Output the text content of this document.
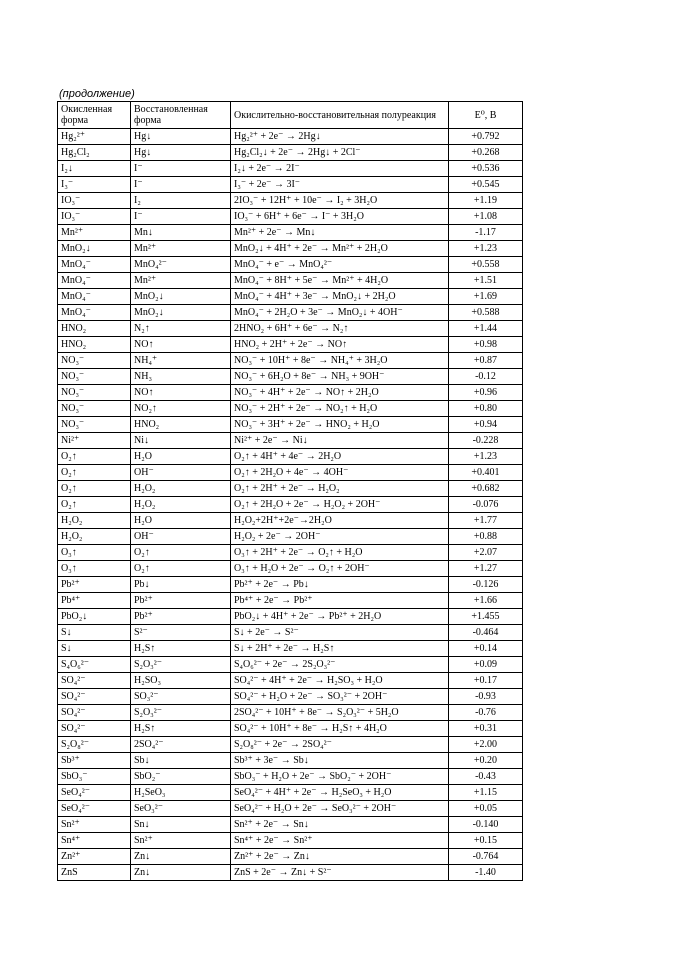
(продолжение)
Окисленная форма	Восстановленная форма	Окислительно-восстановительная полуреакция	E⁰, В
Hg₂²⁺	Hg↓	Hg₂²⁺ + 2e⁻ → 2Hg↓	+0.792
Hg₂Cl₂	Hg↓	Hg₂Cl₂↓ + 2e⁻ → 2Hg↓ + 2Cl⁻	+0.268
I₂↓	I⁻	I₂↓ + 2e⁻ → 2I⁻	+0.536
I₃⁻	I⁻	I₃⁻ + 2e⁻ → 3I⁻	+0.545
IO₃⁻	I₂	2IO₃⁻ + 12H⁺ + 10e⁻ → I₂ + 3H₂O	+1.19
IO₃⁻	I⁻	IO₃⁻ + 6H⁺ + 6e⁻ → I⁻ + 3H₂O	+1.08
Mn²⁺	Mn↓	Mn²⁺ + 2e⁻ → Mn↓	-1.17
MnO₂↓	Mn²⁺	MnO₂↓ + 4H⁺ + 2e⁻ → Mn²⁺ + 2H₂O	+1.23
MnO₄⁻	MnO₄²⁻	MnO₄⁻ + e⁻ → MnO₄²⁻	+0.558
MnO₄⁻	Mn²⁺	MnO₄⁻ + 8H⁺ + 5e⁻ → Mn²⁺ + 4H₂O	+1.51
MnO₄⁻	MnO₂↓	MnO₄⁻ + 4H⁺ + 3e⁻ → MnO₂↓ + 2H₂O	+1.69
MnO₄⁻	MnO₂↓	MnO₄⁻ + 2H₂O + 3e⁻ → MnO₂↓ + 4OH⁻	+0.588
HNO₂	N₂↑	2HNO₂ + 6H⁺ + 6e⁻ → N₂↑	+1.44
HNO₂	NO↑	HNO₂ + 2H⁺ + 2e⁻ → NO↑	+0.98
NO₃⁻	NH₄⁺	NO₃⁻ + 10H⁺ + 8e⁻ → NH₄⁺ + 3H₂O	+0.87
NO₃⁻	NH₃	NO₃⁻ + 6H₂O + 8e⁻ → NH₃ + 9OH⁻	-0.12
NO₃⁻	NO↑	NO₃⁻ + 4H⁺ + 2e⁻ → NO↑ + 2H₂O	+0.96
NO₃⁻	NO₂↑	NO₃⁻ + 2H⁺ + 2e⁻ → NO₂↑ + H₂O	+0.80
NO₃⁻	HNO₂	NO₃⁻ + 3H⁺ + 2e⁻ → HNO₂ + H₂O	+0.94
Ni²⁺	Ni↓	Ni²⁺ + 2e⁻ → Ni↓	-0.228
O₂↑	H₂O	O₂↑ + 4H⁺ + 4e⁻ → 2H₂O	+1.23
O₂↑	OH⁻	O₂↑ + 2H₂O + 4e⁻ → 4OH⁻	+0.401
O₂↑	H₂O₂	O₂↑ + 2H⁺ + 2e⁻ → H₂O₂	+0.682
O₂↑	H₂O₂	O₂↑ + 2H₂O + 2e⁻ → H₂O₂ + 2OH⁻	-0.076
H₂O₂	H₂O	H₂O₂+2H⁺+2e⁻→2H₂O	+1.77
H₂O₂	OH⁻	H₂O₂ + 2e⁻ → 2OH⁻	+0.88
O₃↑	O₂↑	O₃↑ + 2H⁺ + 2e⁻ → O₂↑ + H₂O	+2.07
O₃↑	O₂↑	O₃↑ + H₂O + 2e⁻ → O₂↑ + 2OH⁻	+1.27
Pb²⁺	Pb↓	Pb²⁺ + 2e⁻ → Pb↓	-0.126
Pb⁴⁺	Pb²⁺	Pb⁴⁺ + 2e⁻ → Pb²⁺	+1.66
PbO₂↓	Pb²⁺	PbO₂↓ + 4H⁺ + 2e⁻ → Pb²⁺ + 2H₂O	+1.455
S↓	S²⁻	S↓ + 2e⁻ → S²⁻	-0.464
S↓	H₂S↑	S↓ + 2H⁺ + 2e⁻ → H₂S↑	+0.14
S₄O₆²⁻	S₂O₃²⁻	S₄O₆²⁻ + 2e⁻ → 2S₂O₃²⁻	+0.09
SO₄²⁻	H₂SO₃	SO₄²⁻ + 4H⁺ + 2e⁻ → H₂SO₃ + H₂O	+0.17
SO₄²⁻	SO₃²⁻	SO₄²⁻ + H₂O + 2e⁻ → SO₃²⁻ + 2OH⁻	-0.93
SO₄²⁻	S₂O₃²⁻	2SO₄²⁻ + 10H⁺ + 8e⁻ → S₂O₃²⁻ + 5H₂O	-0.76
SO₄²⁻	H₂S↑	SO₄²⁻ + 10H⁺ + 8e⁻ → H₂S↑ + 4H₂O	+0.31
S₂O₈²⁻	2SO₄²⁻	S₂O₈²⁻ + 2e⁻ → 2SO₄²⁻	+2.00
Sb³⁺	Sb↓	Sb³⁺ + 3e⁻ → Sb↓	+0.20
SbO₃⁻	SbO₂⁻	SbO₃⁻ + H₂O + 2e⁻ → SbO₂⁻ + 2OH⁻	-0.43
SeO₄²⁻	H₂SeO₃	SeO₄²⁻ + 4H⁺ + 2e⁻ → H₂SeO₃ + H₂O	+1.15
SeO₄²⁻	SeO₃²⁻	SeO₄²⁻ + H₂O + 2e⁻ → SeO₃²⁻ + 2OH⁻	+0.05
Sn²⁺	Sn↓	Sn²⁺ + 2e⁻ → Sn↓	-0.140
Sn⁴⁺	Sn²⁺	Sn⁴⁺ + 2e⁻ → Sn²⁺	+0.15
Zn²⁺	Zn↓	Zn²⁺ + 2e⁻ → Zn↓	-0.764
ZnS	Zn↓	ZnS + 2e⁻ → Zn↓ + S²⁻	-1.40
